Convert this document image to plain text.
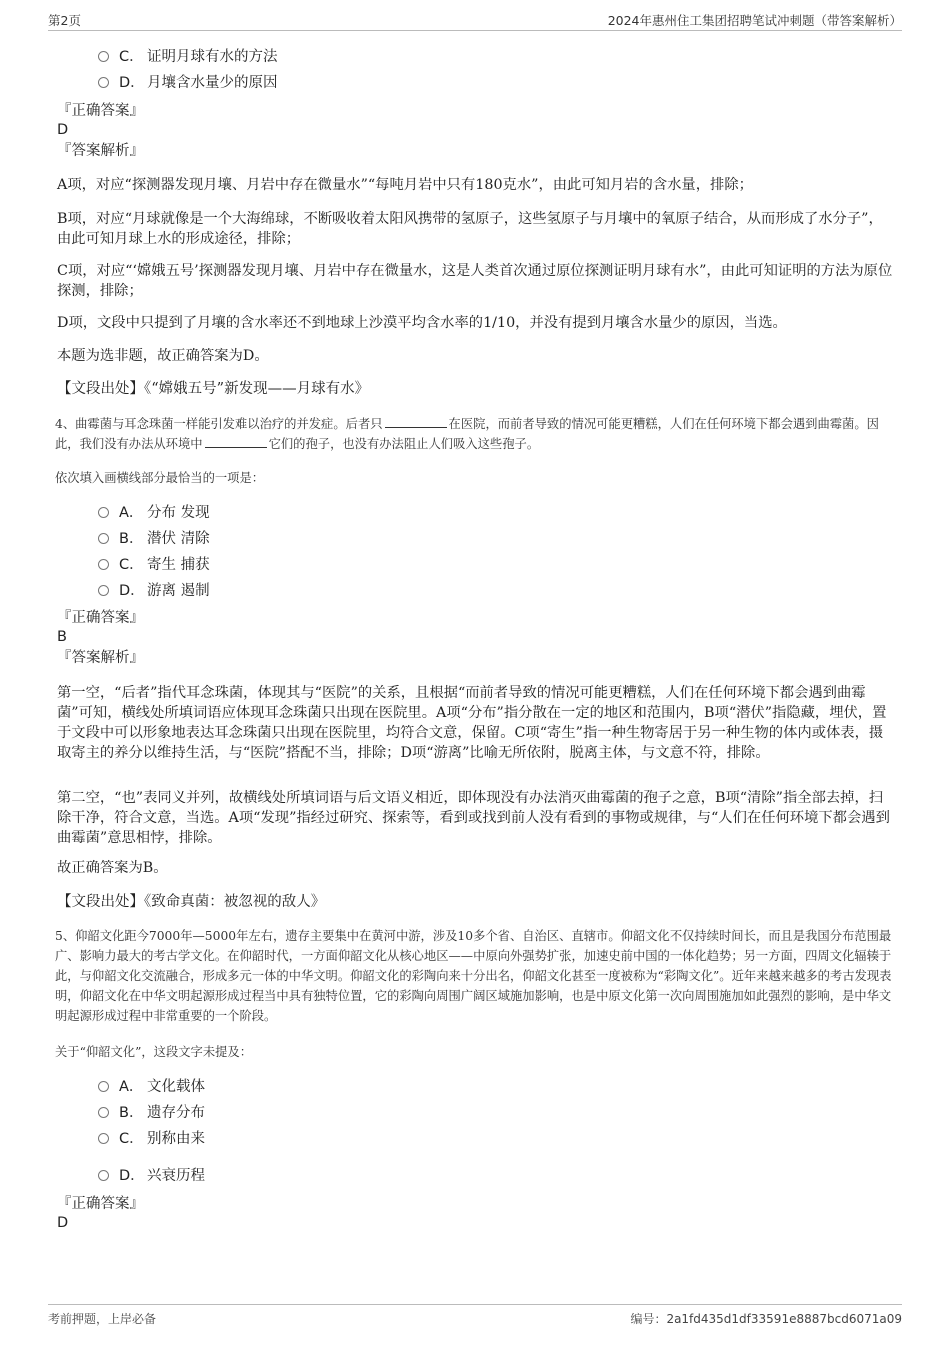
第2页	2024年惠州住工集团招聘笔试冲刺题（带答案解析）
C． 证明月球有水的方法
D． 月壤含水量少的原因
『正确答案』
D
『答案解析』
A项，对应“探测器发现月壤、月岩中存在微量水”“每吨月岩中只有180克水”，由此可知月岩的含水量，排除；
B项，对应“月球就像是一个大海绵球，不断吸收着太阳风携带的氢原子，这些氢原子与月壤中的氧原子结合，从而形成了水分子”，由此可知月球上水的形成途径，排除；
C项，对应“‘嫦娥五号’探测器发现月壤、月岩中存在微量水，这是人类首次通过原位探测证明月球有水”，由此可知证明的方法为原位探测，排除；
D项，文段中只提到了月壤的含水率还不到地球上沙漠平均含水率的1/10，并没有提到月壤含水量少的原因，当选。
本题为选非题，故正确答案为D。
【文段出处】《“嫦娥五号”新发现——月球有水》
4、曲霉菌与耳念珠菌一样能引发难以治疗的并发症。后者只	在医院，而前者导致的情况可能更糟糕，人们在任何环境下都会遇到曲霉菌。因此，我们没有办法从环境中	它们的孢子，也没有办法阻止人们吸入这些孢子。
依次填入画横线部分最恰当的一项是：
A． 分布 发现
B． 潜伏 清除
C． 寄生 捕获
D． 游离 遏制
『正确答案』
B
『答案解析』
第一空，“后者”指代耳念珠菌，体现其与“医院”的关系，且根据“而前者导致的情况可能更糟糕，人们在任何环境下都会遇到曲霉菌”可知，横线处所填词语应体现耳念珠菌只出现在医院里。A项“分布”指分散在一定的地区和范围内，B项“潜伏”指隐藏，埋伏，置于文段中可以形象地表达耳念珠菌只出现在医院里，均符合文意，保留。C项“寄生”指一种生物寄居于另一种生物的体内或体表，摄取寄主的养分以维持生活，与“医院”搭配不当，排除；D项“游离”比喻无所依附，脱离主体，与文意不符，排除。
第二空，“也”表同义并列，故横线处所填词语与后文语义相近，即体现没有办法消灭曲霉菌的孢子之意，B项“清除”指全部去掉，扫除干净，符合文意，当选。A项“发现”指经过研究、探索等，看到或找到前人没有看到的事物或规律，与“人们在任何环境下都会遇到曲霉菌”意思相悖，排除。
故正确答案为B。
【文段出处】《致命真菌：被忽视的敌人》
5、仰韶文化距今7000年—5000年左右，遗存主要集中在黄河中游，涉及10多个省、自治区、直辖市。仰韶文化不仅持续时间长，而且是我国分布范围最广、影响力最大的考古学文化。在仰韶时代，一方面仰韶文化从核心地区——中原向外强势扩张，加速史前中国的一体化趋势；另一方面，四周文化辐辏于此，与仰韶文化交流融合，形成多元一体的中华文明。仰韶文化的彩陶向来十分出名，仰韶文化甚至一度被称为“彩陶文化”。近年来越来越多的考古发现表明，仰韶文化在中华文明起源形成过程当中具有独特位置，它的彩陶向周围广阔区域施加影响，也是中原文化第一次向周围施加如此强烈的影响，是中华文明起源形成过程中非常重要的一个阶段。
关于“仰韶文化”，这段文字未提及：
A． 文化载体
B． 遗存分布
C． 别称由来
D． 兴衰历程
『正确答案』
D
考前押题，上岸必备	编号：2a1fd435d1df33591e8887bcd6071a09
